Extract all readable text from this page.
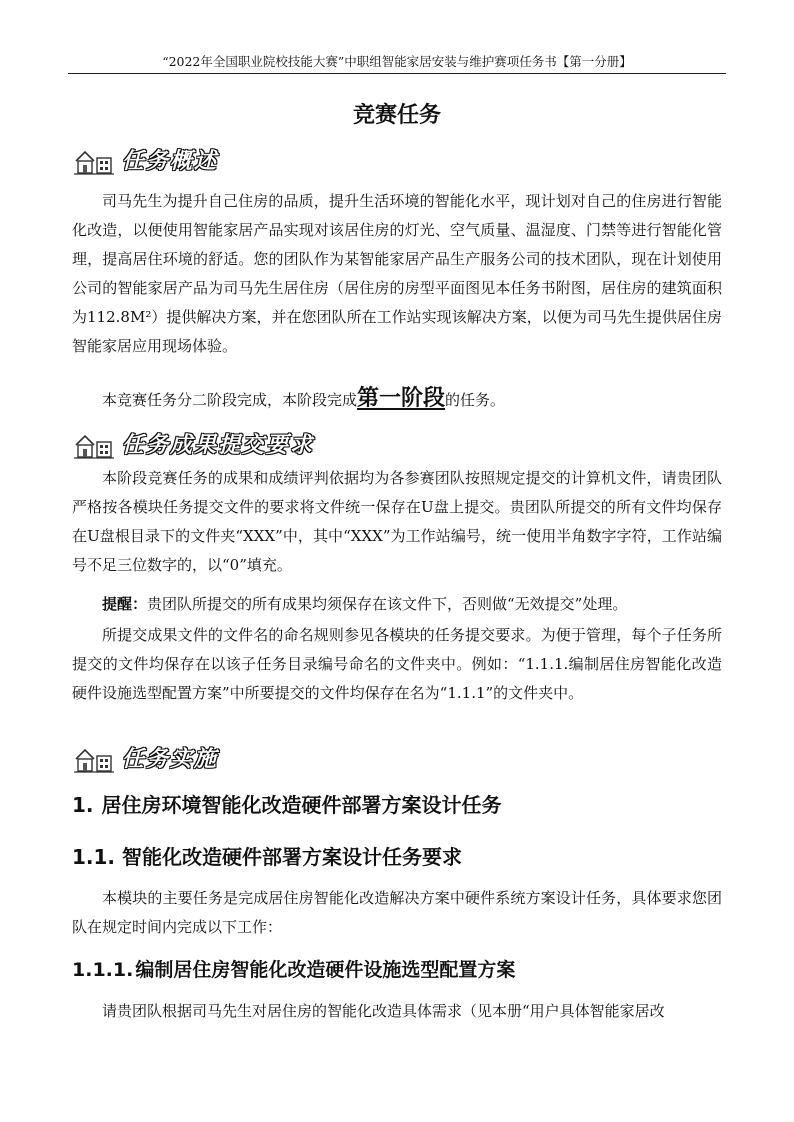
“2022年全国职业院校技能大赛”中职组智能家居安装与维护赛项任务书【第一分册】
竞赛任务
任务概述
司马先生为提升自己住房的品质，提升生活环境的智能化水平，现计划对自己的住房进行智能化改造，以便使用智能家居产品实现对该居住房的灯光、空气质量、温湿度、门禁等进行智能化管理，提高居住环境的舒适。您的团队作为某智能家居产品生产服务公司的技术团队，现在计划使用公司的智能家居产品为司马先生居住房（居住房的房型平面图见本任务书附图，居住房的建筑面积为112.8M²）提供解决方案，并在您团队所在工作站实现该解决方案，以便为司马先生提供居住房智能家居应用现场体验。
本竞赛任务分二阶段完成，本阶段完成第一阶段的任务。
任务成果提交要求
本阶段竞赛任务的成果和成绩评判依据均为各参赛团队按照规定提交的计算机文件，请贵团队严格按各模块任务提交文件的要求将文件统一保存在U盘上提交。贵团队所提交的所有文件均保存在U盘根目录下的文件夹“XXX”中，其中“XXX”为工作站编号，统一使用半角数字字符，工作站编号不足三位数字的，以“0”填充。
提醒：贵团队所提交的所有成果均须保存在该文件下，否则做“无效提交”处理。
所提交成果文件的文件名的命名规则参见各模块的任务提交要求。为便于管理，每个子任务所提交的文件均保存在以该子任务目录编号命名的文件夹中。例如：“1.1.1.编制居住房智能化改造硬件设施选型配置方案”中所要提交的文件均保存在名为“1.1.1”的文件夹中。
任务实施
1. 居住房环境智能化改造硬件部署方案设计任务
1.1. 智能化改造硬件部署方案设计任务要求
本模块的主要任务是完成居住房智能化改造解决方案中硬件系统方案设计任务，具体要求您团队在规定时间内完成以下工作：
1.1.1. 编制居住房智能化改造硬件设施选型配置方案
请贵团队根据司马先生对居住房的智能化改造具体需求（见本册“用户具体智能家居改
